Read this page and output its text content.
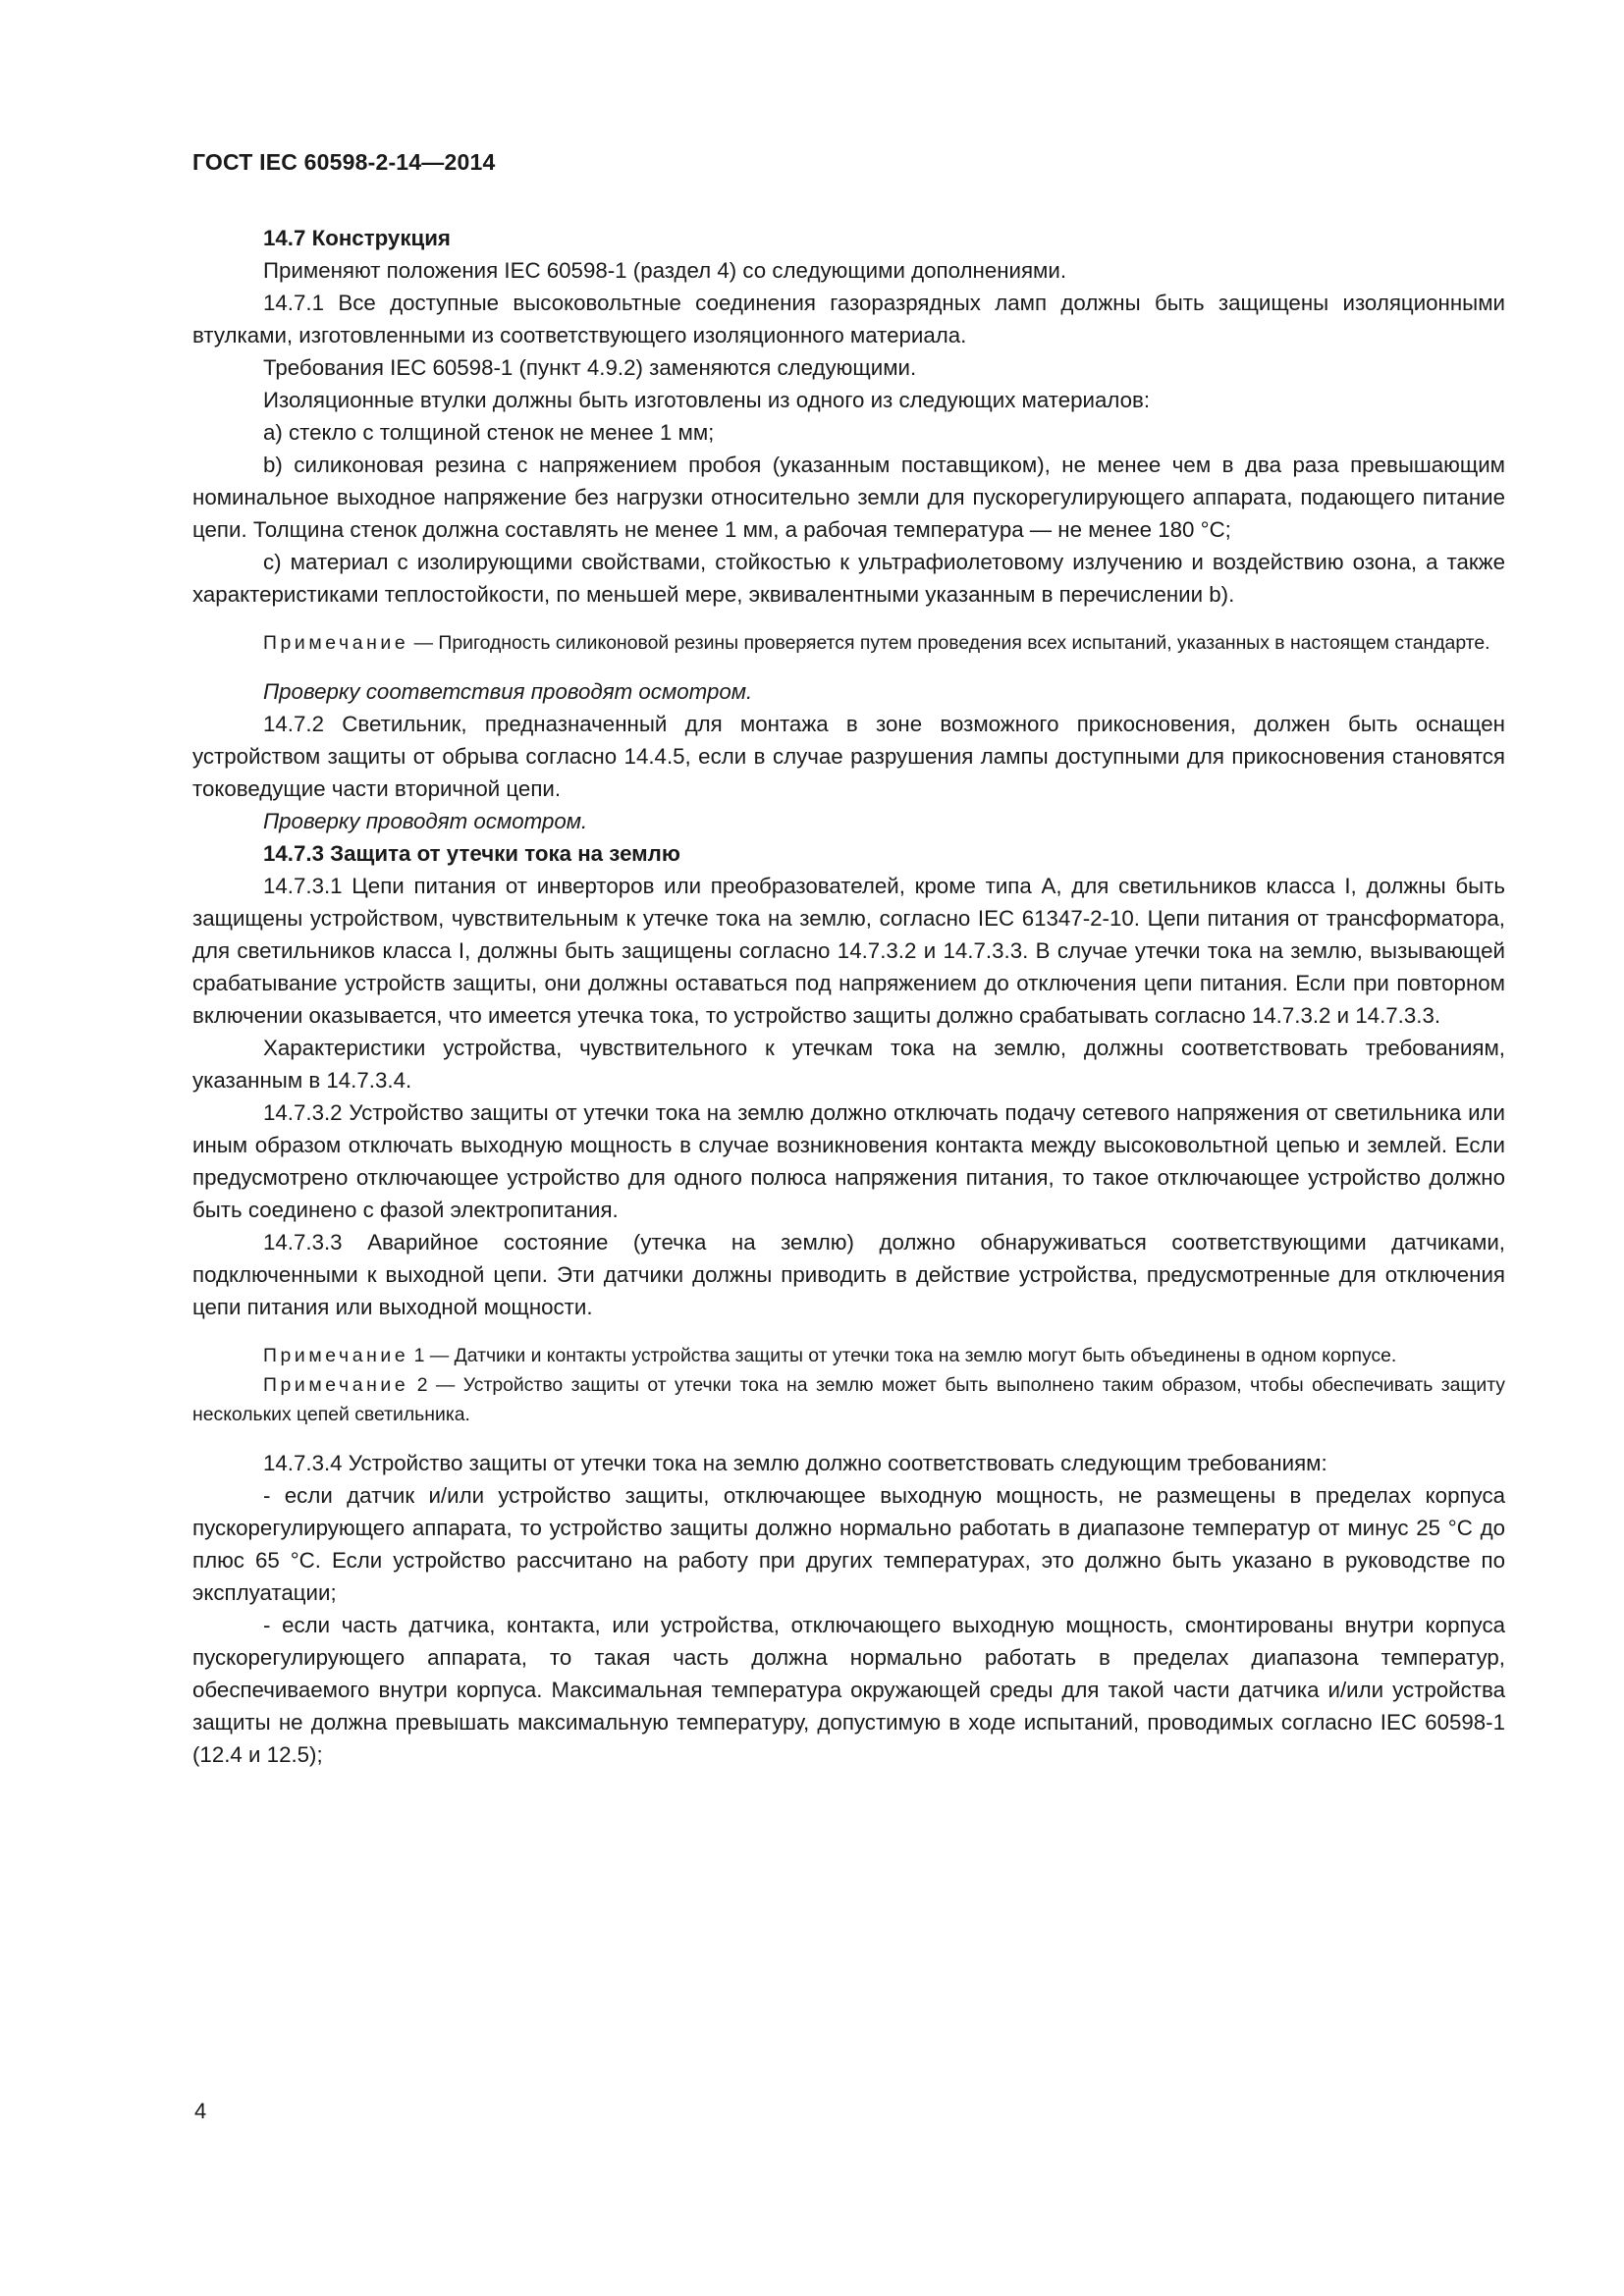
ГОСТ IEC 60598-2-14—2014

14.7 Конструкция

Применяют положения IEC 60598-1 (раздел 4) со следующими дополнениями.

14.7.1 Все доступные высоковольтные соединения газоразрядных ламп должны быть защищены изоляционными втулками, изготовленными из соответствующего изоляционного материала.

Требования IEC 60598-1 (пункт 4.9.2) заменяются следующими.

Изоляционные втулки должны быть изготовлены из одного из следующих материалов:

a) стекло с толщиной стенок не менее 1 мм;

b) силиконовая резина с напряжением пробоя (указанным поставщиком), не менее чем в два раза превышающим номинальное выходное напряжение без нагрузки относительно земли для пускорегулирующего аппарата, подающего питание цепи. Толщина стенок должна составлять не менее 1 мм, а рабочая температура — не менее 180 °С;

c) материал с изолирующими свойствами, стойкостью к ультрафиолетовому излучению и воздействию озона, а также характеристиками теплостойкости, по меньшей мере, эквивалентными указанным в перечислении b).

Примечание — Пригодность силиконовой резины проверяется путем проведения всех испытаний, указанных в настоящем стандарте.

Проверку соответствия проводят осмотром.

14.7.2 Светильник, предназначенный для монтажа в зоне возможного прикосновения, должен быть оснащен устройством защиты от обрыва согласно 14.4.5, если в случае разрушения лампы доступными для прикосновения становятся токоведущие части вторичной цепи.

Проверку проводят осмотром.

14.7.3 Защита от утечки тока на землю

14.7.3.1 Цепи питания от инверторов или преобразователей, кроме типа А, для светильников класса I, должны быть защищены устройством, чувствительным к утечке тока на землю, согласно IEC 61347-2-10. Цепи питания от трансформатора, для светильников класса I, должны быть защищены согласно 14.7.3.2 и 14.7.3.3. В случае утечки тока на землю, вызывающей срабатывание устройств защиты, они должны оставаться под напряжением до отключения цепи питания. Если при повторном включении оказывается, что имеется утечка тока, то устройство защиты должно срабатывать согласно 14.7.3.2 и 14.7.3.3.

Характеристики устройства, чувствительного к утечкам тока на землю, должны соответствовать требованиям, указанным в 14.7.3.4.

14.7.3.2 Устройство защиты от утечки тока на землю должно отключать подачу сетевого напряжения от светильника или иным образом отключать выходную мощность в случае возникновения контакта между высоковольтной цепью и землей. Если предусмотрено отключающее устройство для одного полюса напряжения питания, то такое отключающее устройство должно быть соединено с фазой электропитания.

14.7.3.3 Аварийное состояние (утечка на землю) должно обнаруживаться соответствующими датчиками, подключенными к выходной цепи. Эти датчики должны приводить в действие устройства, предусмотренные для отключения цепи питания или выходной мощности.

Примечание 1 — Датчики и контакты устройства защиты от утечки тока на землю могут быть объединены в одном корпусе.

Примечание 2 — Устройство защиты от утечки тока на землю может быть выполнено таким образом, чтобы обеспечивать защиту нескольких цепей светильника.

14.7.3.4 Устройство защиты от утечки тока на землю должно соответствовать следующим требованиям:

- если датчик и/или устройство защиты, отключающее выходную мощность, не размещены в пределах корпуса пускорегулирующего аппарата, то устройство защиты должно нормально работать в диапазоне температур от минус 25 °С до плюс 65 °С. Если устройство рассчитано на работу при других температурах, это должно быть указано в руководстве по эксплуатации;

- если часть датчика, контакта, или устройства, отключающего выходную мощность, смонтированы внутри корпуса пускорегулирующего аппарата, то такая часть должна нормально работать в пределах диапазона температур, обеспечиваемого внутри корпуса. Максимальная температура окружающей среды для такой части датчика и/или устройства защиты не должна превышать максимальную температуру, допустимую в ходе испытаний, проводимых согласно IEC 60598-1 (12.4 и 12.5);

4
